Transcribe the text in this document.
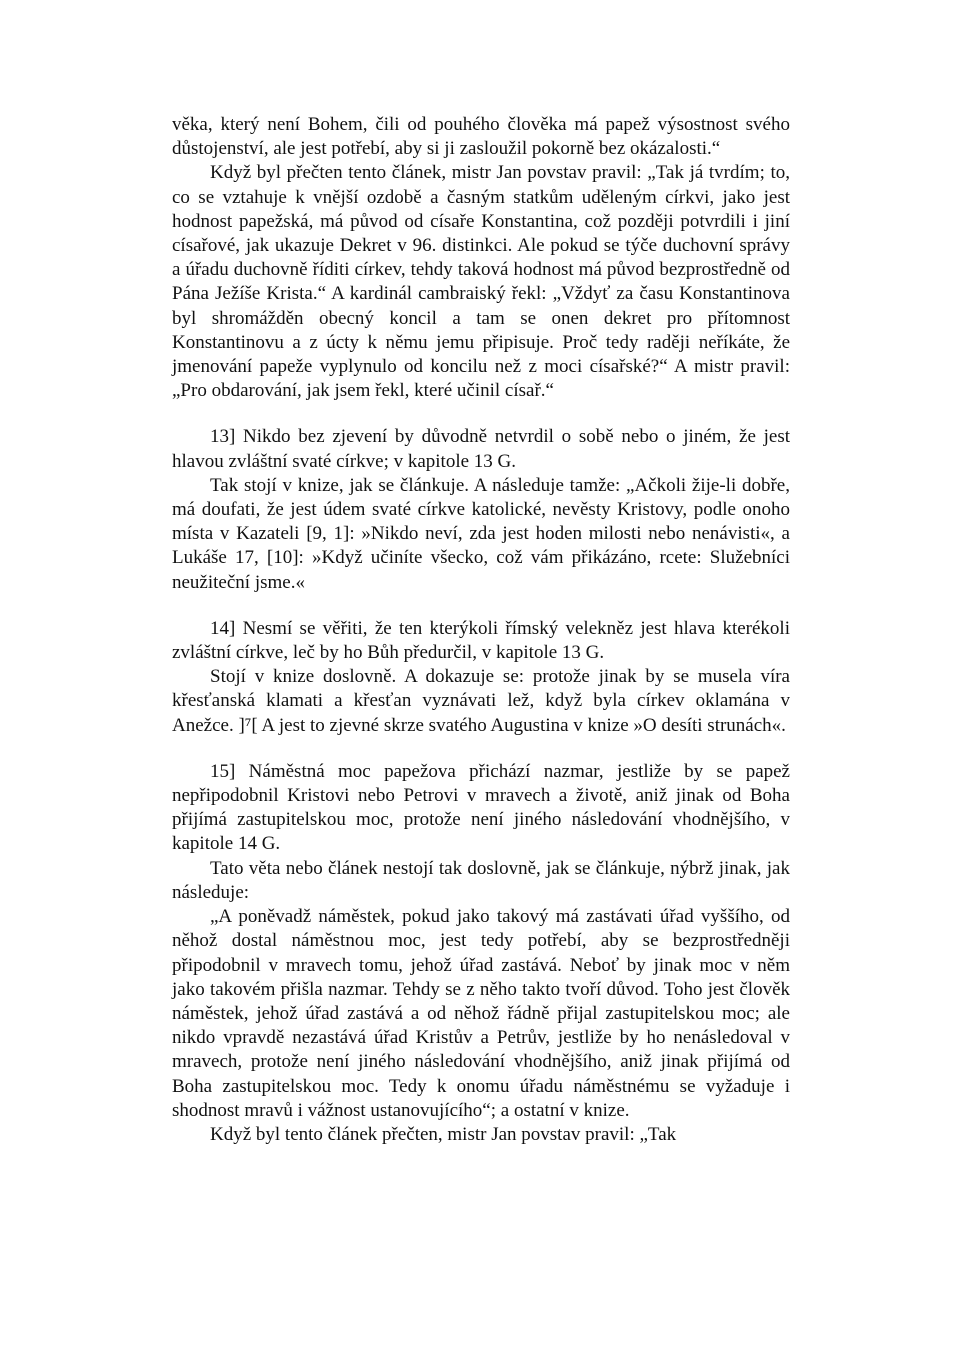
věka, který není Bohem, čili od pouhého člověka má papež výsostnost svého důstojenství, ale jest potřebí, aby si ji zasloužil pokorně bez okázalosti.“

Když byl přečten tento článek, mistr Jan povstav pravil: „Tak já tvrdím; to, co se vztahuje k vnější ozdobě a časným statkům uděleným církvi, jako jest hodnost papežská, má původ od císaře Konstantina, což později potvrdili i jiní císařové, jak ukazuje Dekret v 96. distinkci. Ale pokud se týče duchovní správy a úřadu duchovně říditi církev, tehdy taková hodnost má původ bezprostředně od Pána Ježíše Krista.“ A kardinál cambraiský řekl: „Vždyť za času Konstantinova byl shromážděn obecný koncil a tam se onen dekret pro přítomnost Konstantinovu a z úcty k němu jemu připisuje. Proč tedy raději neříkáte, že jmenování papeže vyplynulo od koncilu než z moci císařské?“ A mistr pravil: „Pro obdarování, jak jsem řekl, které učinil císař.“

13] Nikdo bez zjevení by důvodně netvrdil o sobě nebo o jiném, že jest hlavou zvláštní svaté církve; v kapitole 13 G.

Tak stojí v knize, jak se článkuje. A následuje tamže: „Ačkoli žije-li dobře, má doufati, že jest údem svaté církve katolické, nevěsty Kristovy, podle onoho místa v Kazateli [9, 1]: »Nikdo neví, zda jest hoden milosti nebo nenávisti«, a Lukáše 17, [10]: »Když učiníte všecko, což vám přikázáno, rcete: Služebníci neužiteční jsme.«

14] Nesmí se věřiti, že ten kterýkoli římský velekněz jest hlava kterékoli zvláštní církve, leč by ho Bůh předurčil, v kapitole 13 G.

Stojí v knize doslovně. A dokazuje se: protože jinak by se musela víra křesťanská klamati a křesťan vyznávati lež, když byla církev oklamána v Anežce. ]⁷[ A jest to zjevné skrze svatého Augustina v knize »O desíti strunách«.

15] Náměstná moc papežova přichází nazmar, jestliže by se papež nepřipodobnil Kristovi nebo Petrovi v mravech a životě, aniž jinak od Boha přijímá zastupitelskou moc, protože není jiného následování vhodnějšího, v kapitole 14 G.

Tato věta nebo článek nestojí tak doslovně, jak se článkuje, nýbrž jinak, jak následuje:

„A poněvadž náměstek, pokud jako takový má zastávati úřad vyššího, od něhož dostal náměstnou moc, jest tedy potřebí, aby se bezprostředněji připodobnil v mravech tomu, jehož úřad zastává. Neboť by jinak moc v něm jako takovém přišla nazmar. Tehdy se z něho takto tvoří důvod. Toho jest člověk náměstek, jehož úřad zastává a od něhož řádně přijal zastupitelskou moc; ale nikdo vpravdě nezastává úřad Kristův a Petrův, jestliže by ho nenásledoval v mravech, protože není jiného následování vhodnějšího, aniž jinak přijímá od Boha zastupitelskou moc. Tedy k onomu úřadu náměstnému se vyžaduje i shodnost mravů i vážnost ustanovujícího“; a ostatní v knize.

Když byl tento článek přečten, mistr Jan povstav pravil: „Tak
